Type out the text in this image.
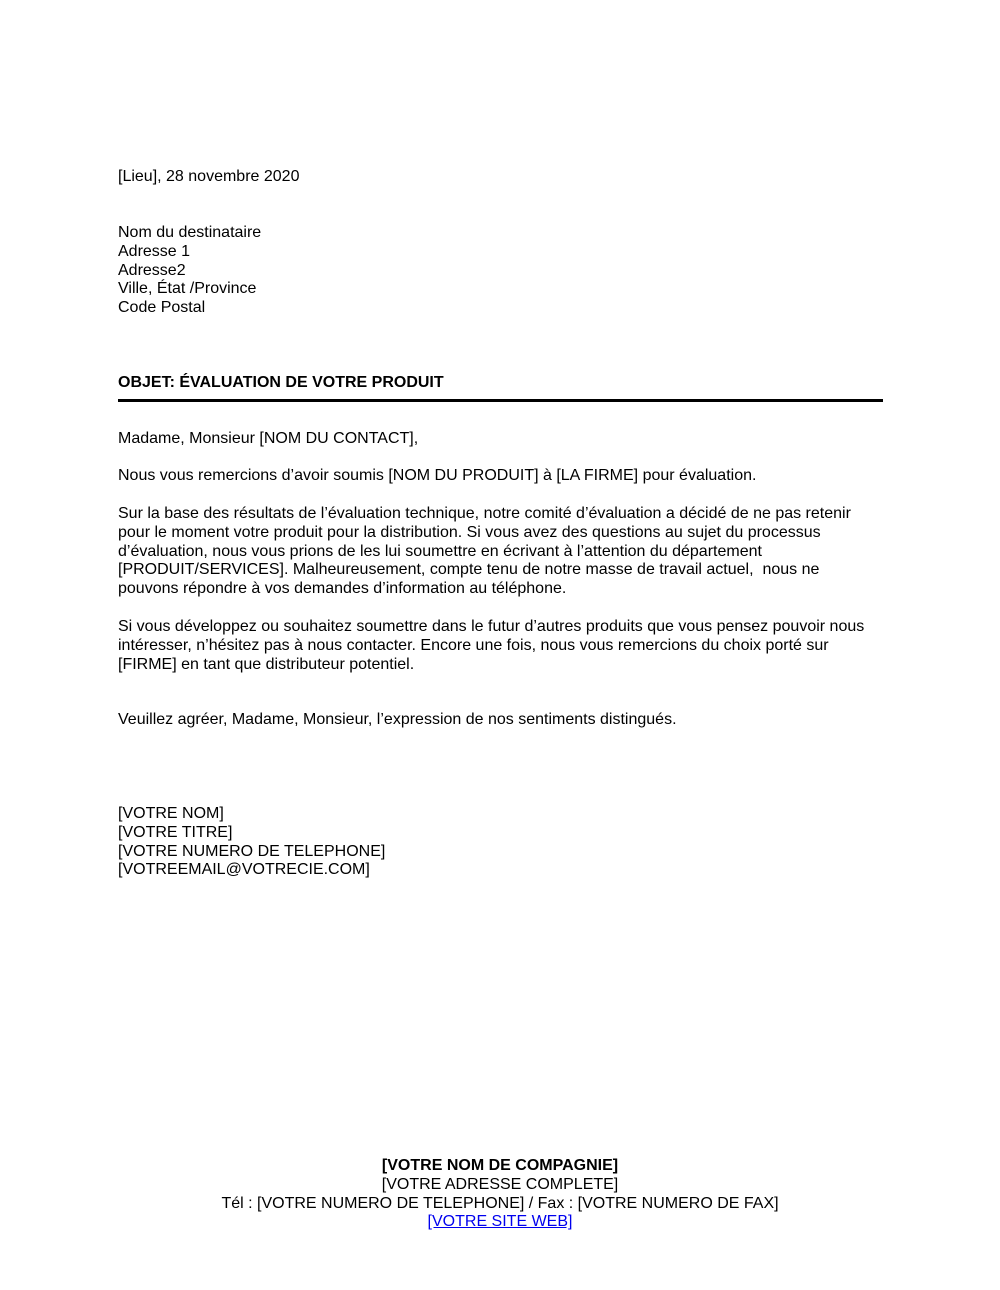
[Lieu], 28 novembre 2020
Nom du destinataire
Adresse 1
Adresse2
Ville, État /Province
Code Postal
OBJET: ÉVALUATION DE VOTRE PRODUIT
Madame, Monsieur [NOM DU CONTACT],
Nous vous remercions d’avoir soumis [NOM DU PRODUIT] à [LA FIRME] pour évaluation.
Sur la base des résultats de l’évaluation technique, notre comité d’évaluation a décidé de ne pas retenir
pour le moment votre produit pour la distribution. Si vous avez des questions au sujet du processus
d’évaluation, nous vous prions de les lui soumettre en écrivant à l’attention du département
[PRODUIT/SERVICES]. Malheureusement, compte tenu de notre masse de travail actuel,  nous ne
pouvons répondre à vos demandes d’information au téléphone.
Si vous développez ou souhaitez soumettre dans le futur d’autres produits que vous pensez pouvoir nous
intéresser, n’hésitez pas à nous contacter. Encore une fois, nous vous remercions du choix porté sur
[FIRME] en tant que distributeur potentiel.
Veuillez agréer, Madame, Monsieur, l’expression de nos sentiments distingués.
[VOTRE NOM]
[VOTRE TITRE]
[VOTRE NUMERO DE TELEPHONE]
[VOTREEMAIL@VOTRECIE.COM]
[VOTRE NOM DE COMPAGNIE]
[VOTRE ADRESSE COMPLETE]
Tél : [VOTRE NUMERO DE TELEPHONE] / Fax : [VOTRE NUMERO DE FAX]
[VOTRE SITE WEB]
